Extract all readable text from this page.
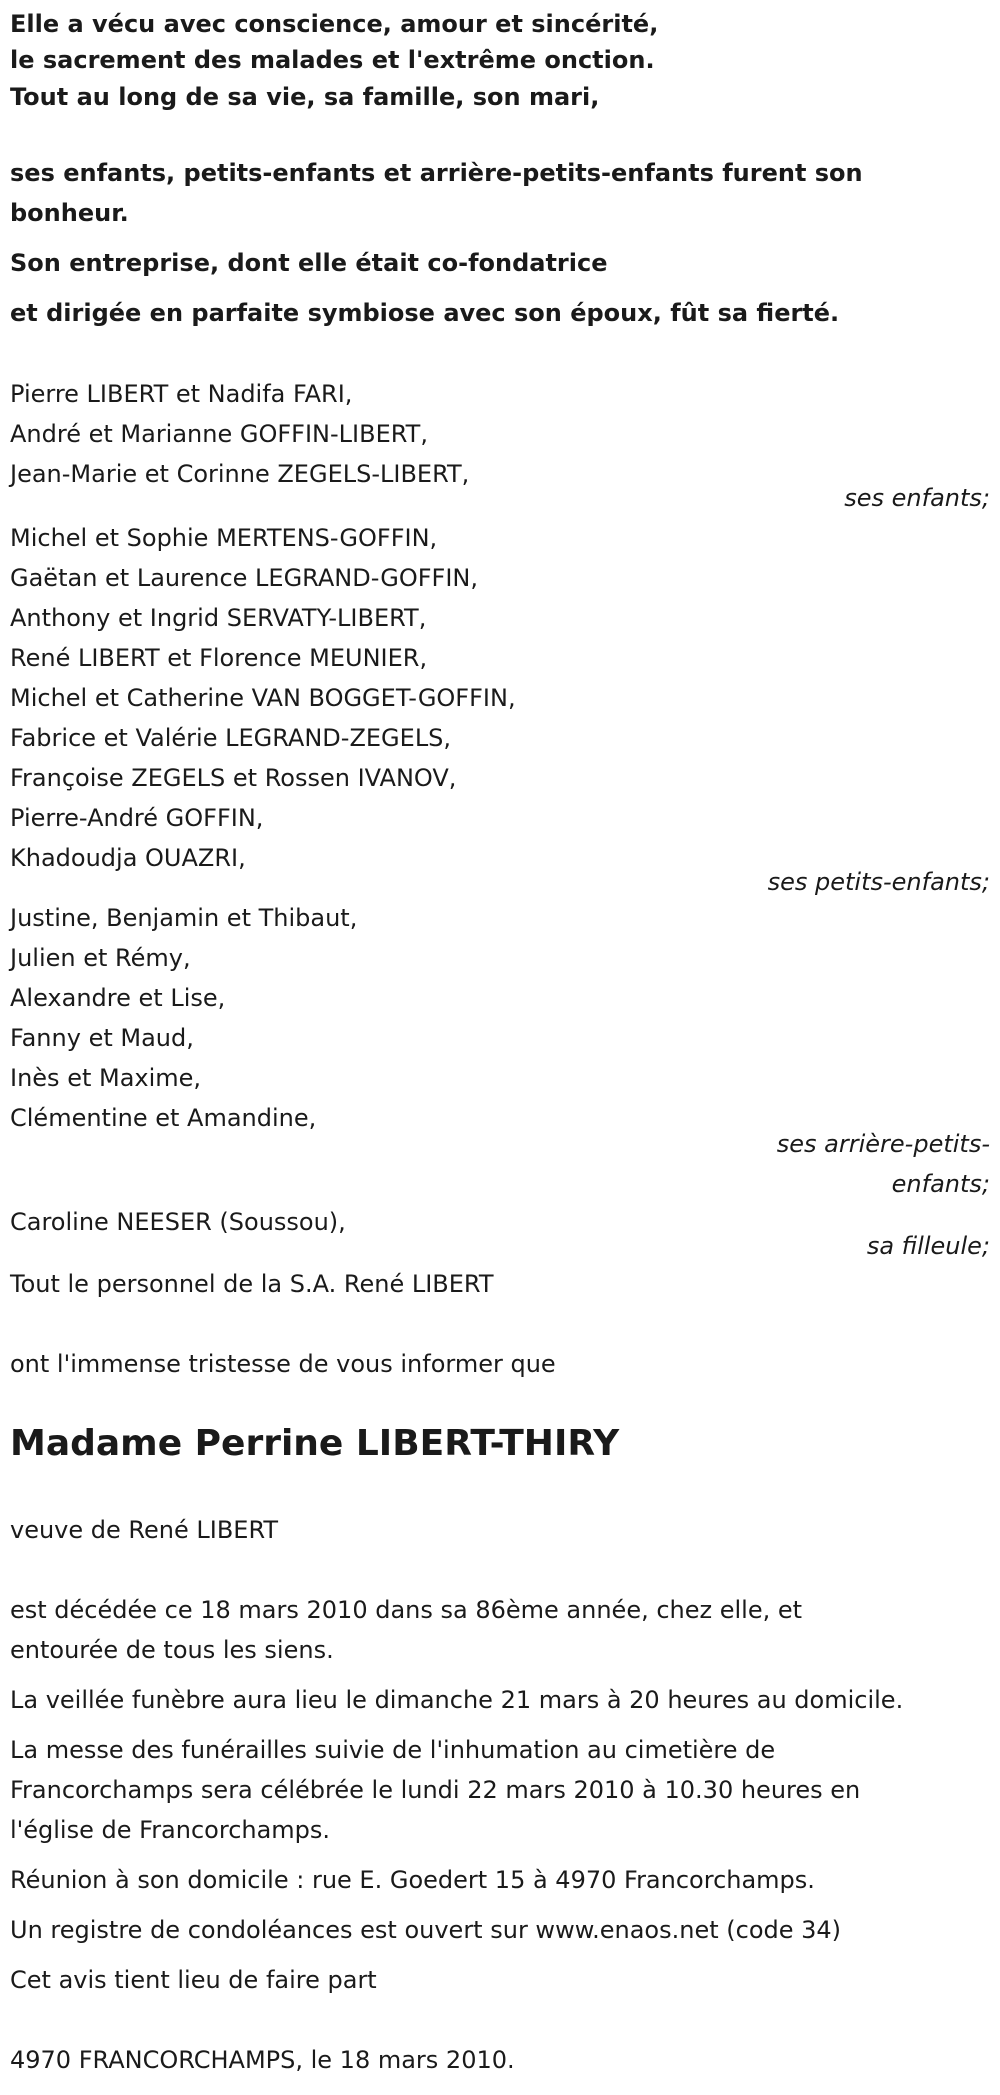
Elle a vécu avec conscience, amour et sincérité,

le sacrement des malades et l'extrême onction.

Tout au long de sa vie, sa famille, son mari,

ses enfants, petits-enfants et arrière-petits-enfants furent son

bonheur.

Son entreprise, dont elle était co-fondatrice

et dirigée en parfaite symbiose avec son époux, fût sa fierté.

Pierre LIBERT et Nadifa FARI,
André et Marianne GOFFIN-LIBERT,
Jean-Marie et Corinne ZEGELS-LIBERT,
ses enfants;
Michel et Sophie MERTENS-GOFFIN,
Gaëtan et Laurence LEGRAND-GOFFIN,
Anthony et Ingrid SERVATY-LIBERT,
René LIBERT et Florence MEUNIER,
Michel et Catherine VAN BOGGET-GOFFIN,
Fabrice et Valérie LEGRAND-ZEGELS,
Françoise ZEGELS et Rossen IVANOV,
Pierre-André GOFFIN,
Khadoudja OUAZRI,
ses petits-enfants;
Justine, Benjamin et Thibaut,
Julien et Rémy,
Alexandre et Lise,
Fanny et Maud,
Inès et Maxime,
Clémentine et Amandine,
ses arrière-petits-
enfants;
Caroline NEESER (Soussou),
sa filleule;
Tout le personnel de la S.A. René LIBERT
ont l'immense tristesse de vous informer que
Madame Perrine LIBERT-THIRY
veuve de René LIBERT
est décédée ce 18 mars 2010 dans sa 86ème année, chez elle, et
entourée de tous les siens.
La veillée funèbre aura lieu le dimanche 21 mars à 20 heures au domicile.
La messe des funérailles suivie de l'inhumation au cimetière de
Francorchamps sera célébrée le lundi 22 mars 2010 à 10.30 heures en
l'église de Francorchamps.
Réunion à son domicile : rue E. Goedert 15 à 4970 Francorchamps.
Un registre de condoléances est ouvert sur www.enaos.net (code 34)
Cet avis tient lieu de faire part
4970 FRANCORCHAMPS, le 18 mars 2010.
